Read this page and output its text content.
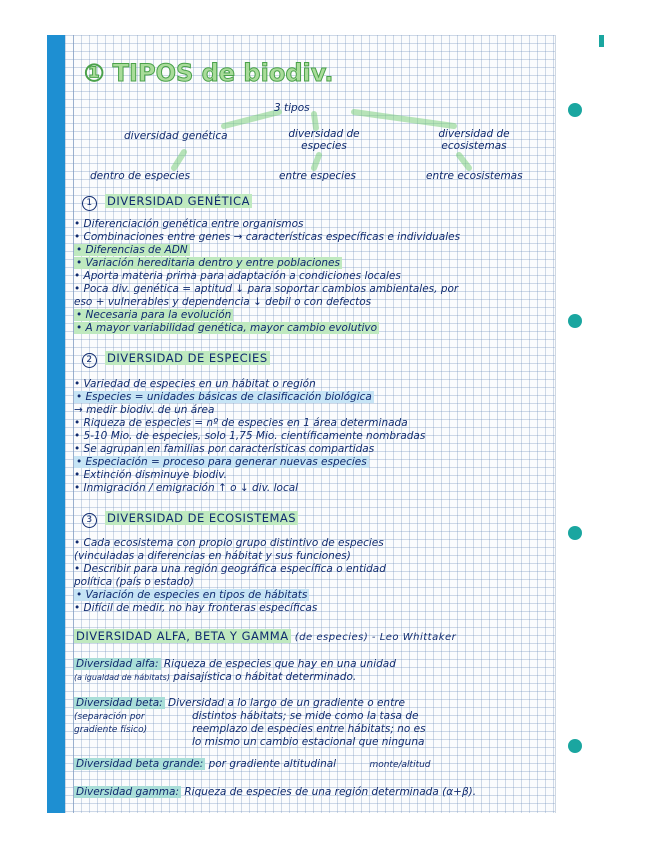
① TIPOS de biodiv.
3 tipos
diversidad genética	diversidad de especies
diversidad de ecosistemas
dentro de especies	entre especies	entre ecosistemas
1 DIVERSIDAD GENÉTICA
• Diferenciación genética entre organismos
• Combinaciones entre genes → características específicas e individuales
• Diferencias de ADN
• Variación hereditaria dentro y entre poblaciones
• Aporta materia prima para adaptación a condiciones locales
• Poca div. genética = aptitud ↓ para soportar cambios ambientales, por
eso + vulnerables y dependencia ↓ debil o con defectos
• Necesaria para la evolución
• A mayor variabilidad genética, mayor cambio evolutivo
2 DIVERSIDAD DE ESPECIES
• Variedad de especies en un hábitat o región
• Especies = unidades básicas de clasificación biológica
→ medir biodiv. de un área
• Riqueza de especies = nº de especies en 1 área determinada
• 5-10 Mio. de especies, solo 1,75 Mio. científicamente nombradas
• Se agrupan en familias por características compartidas
• Especiación = proceso para generar nuevas especies
• Extinción disminuye biodiv.
• Inmigración / emigración ↑ o ↓ div. local
3 DIVERSIDAD DE ECOSISTEMAS
• Cada ecosistema con propio grupo distintivo de especies
(vinculadas a diferencias en hábitat y sus funciones)
• Describir para una región geográfica específica o entidad
política (país o estado)
• Variación de especies en tipos de hábitats
• Difícil de medir, no hay fronteras específicas
DIVERSIDAD ALFA, BETA Y GAMMA (de especies) - Leo Whittaker
Diversidad alfa: Riqueza de especies que hay en una unidad
(a igualdad de hábitats) paisajística o hábitat determinado.
Diversidad beta: Diversidad a lo largo de un gradiente o entre
(separación por	distintos hábitats; se mide como la tasa de
gradiente físico)	reemplazo de especies entre hábitats; no es
lo mismo un cambio estacional que ninguna
Diversidad beta grande: por gradiente altitudinal	monte/altitud
Diversidad gamma: Riqueza de especies de una región determinada (α+β).
